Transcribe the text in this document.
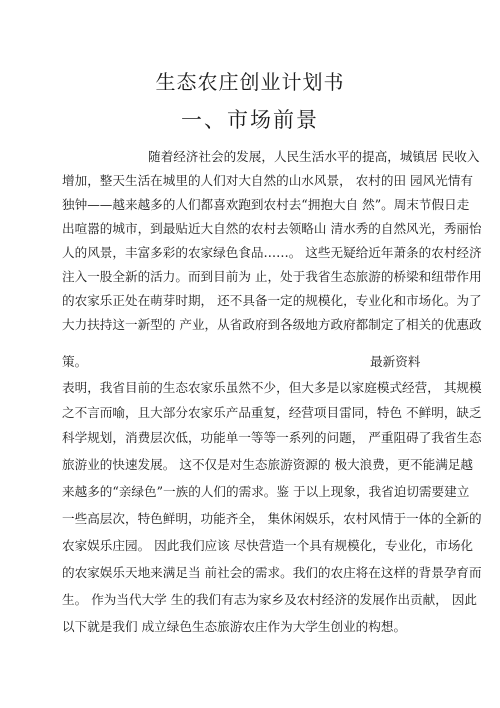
生态农庄创业计划书
一、市场前景
随着经济社会的发展，人民生活水平的提高，城镇居 民收入
增加，整天生活在城里的人们对大自然的山水风景， 农村的田 园风光情有
独钟——越来越多的人们都喜欢跑到农村去“拥抱大自 然”。周末节假日走
出喧嚣的城市，到最贴近大自然的农村去领略山 清水秀的自然风光，秀丽怡
人的风景，丰富多彩的农家绿色食品……。 这些无疑给近年萧条的农村经济
注入一股全新的活力。而到目前为 止，处于我省生态旅游的桥梁和纽带作用
的农家乐正处在萌芽时期， 还不具备一定的规模化，专业化和市场化。为了
大力扶持这一新型的 产业，从省政府到各级地方政府都制定了相关的优惠政
策。	最新资料
表明，我省目前的生态农家乐虽然不少，但大多是以家庭模式经营， 其规模
之不言而喻，且大部分农家乐产品重复，经营项目雷同，特色 不鲜明，缺乏
科学规划，消费层次低，功能单一等等一系列的问题， 严重阻碍了我省生态
旅游业的快速发展。 这不仅是对生态旅游资源的 极大浪费，更不能满足越
来越多的“亲绿色”一族的人们的需求。鉴 于以上现象，我省迫切需要建立
一些高层次，特色鲜明，功能齐全， 集休闲娱乐，农村风情于一体的全新的
农家娱乐庄园。 因此我们应该 尽快营造一个具有规模化，专业化，市场化
的农家娱乐天地来满足当 前社会的需求。我们的农庄将在这样的背景孕育而
生。 作为当代大学 生的我们有志为家乡及农村经济的发展作出贡献， 因此
以下就是我们 成立绿色生态旅游农庄作为大学生创业的构想。
